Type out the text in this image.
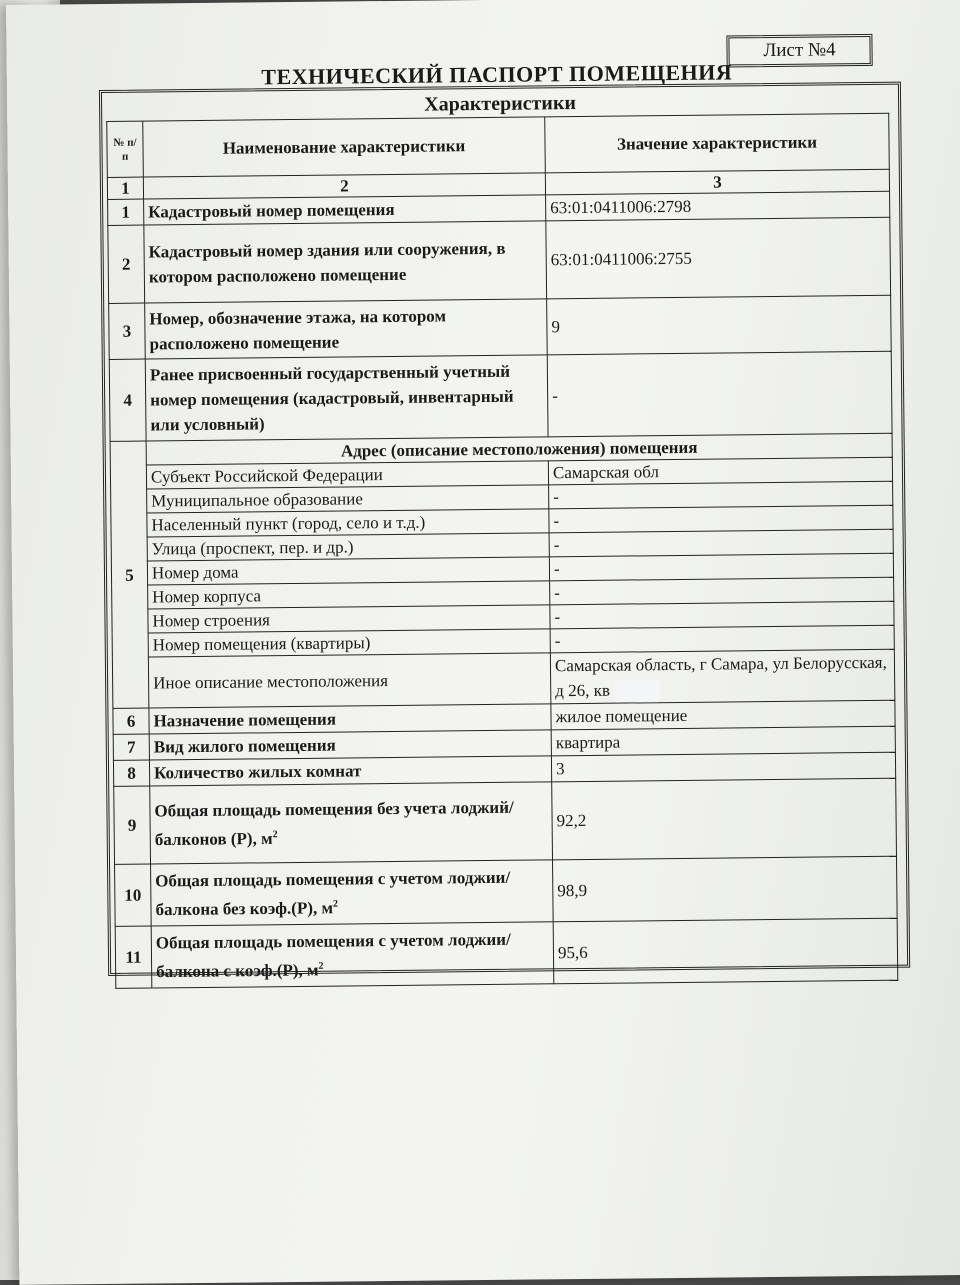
Лист №4
ТЕХНИЧЕСКИЙ ПАСПОРТ ПОМЕЩЕНИЯ
Характеристики
№ п/п	Наименование характеристики	Значение характеристики
1	2	3
1	Кадастровый номер помещения	63:01:0411006:2798
2	Кадастровый номер здания или сооружения, в котором расположено помещение	63:01:0411006:2755
3	Номер, обозначение этажа, на котором расположено помещение	9
4	Ранее присвоенный государственный учетный номер помещения (кадастровый, инвентарный или условный)	-
5	Адрес (описание местоположения) помещения	
	Субъект Российской Федерации	Самарская обл
	Муниципальное образование	-
	Населенный пункт (город, село и т.д.)	-
	Улица (проспект, пер. и др.)	-
	Номер дома	-
	Номер корпуса	-
	Номер строения	-
	Номер помещения (квартиры)	-
	Иное описание местоположения	Самарская область, г Самара, ул Белорусская, д 26, кв
6	Назначение помещения	жилое помещение
7	Вид жилого помещения	квартира
8	Количество жилых комнат	3
9	Общая площадь помещения без учета лоджий/балконов (Р), $м^2$	92,2
10	Общая площадь помещения с учетом лоджии/балкона без коэф.(Р), $м^2$	98,9
11	Общая площадь помещения с учетом лоджии/балкона с коэф.(Р), $м^2$	95,6
